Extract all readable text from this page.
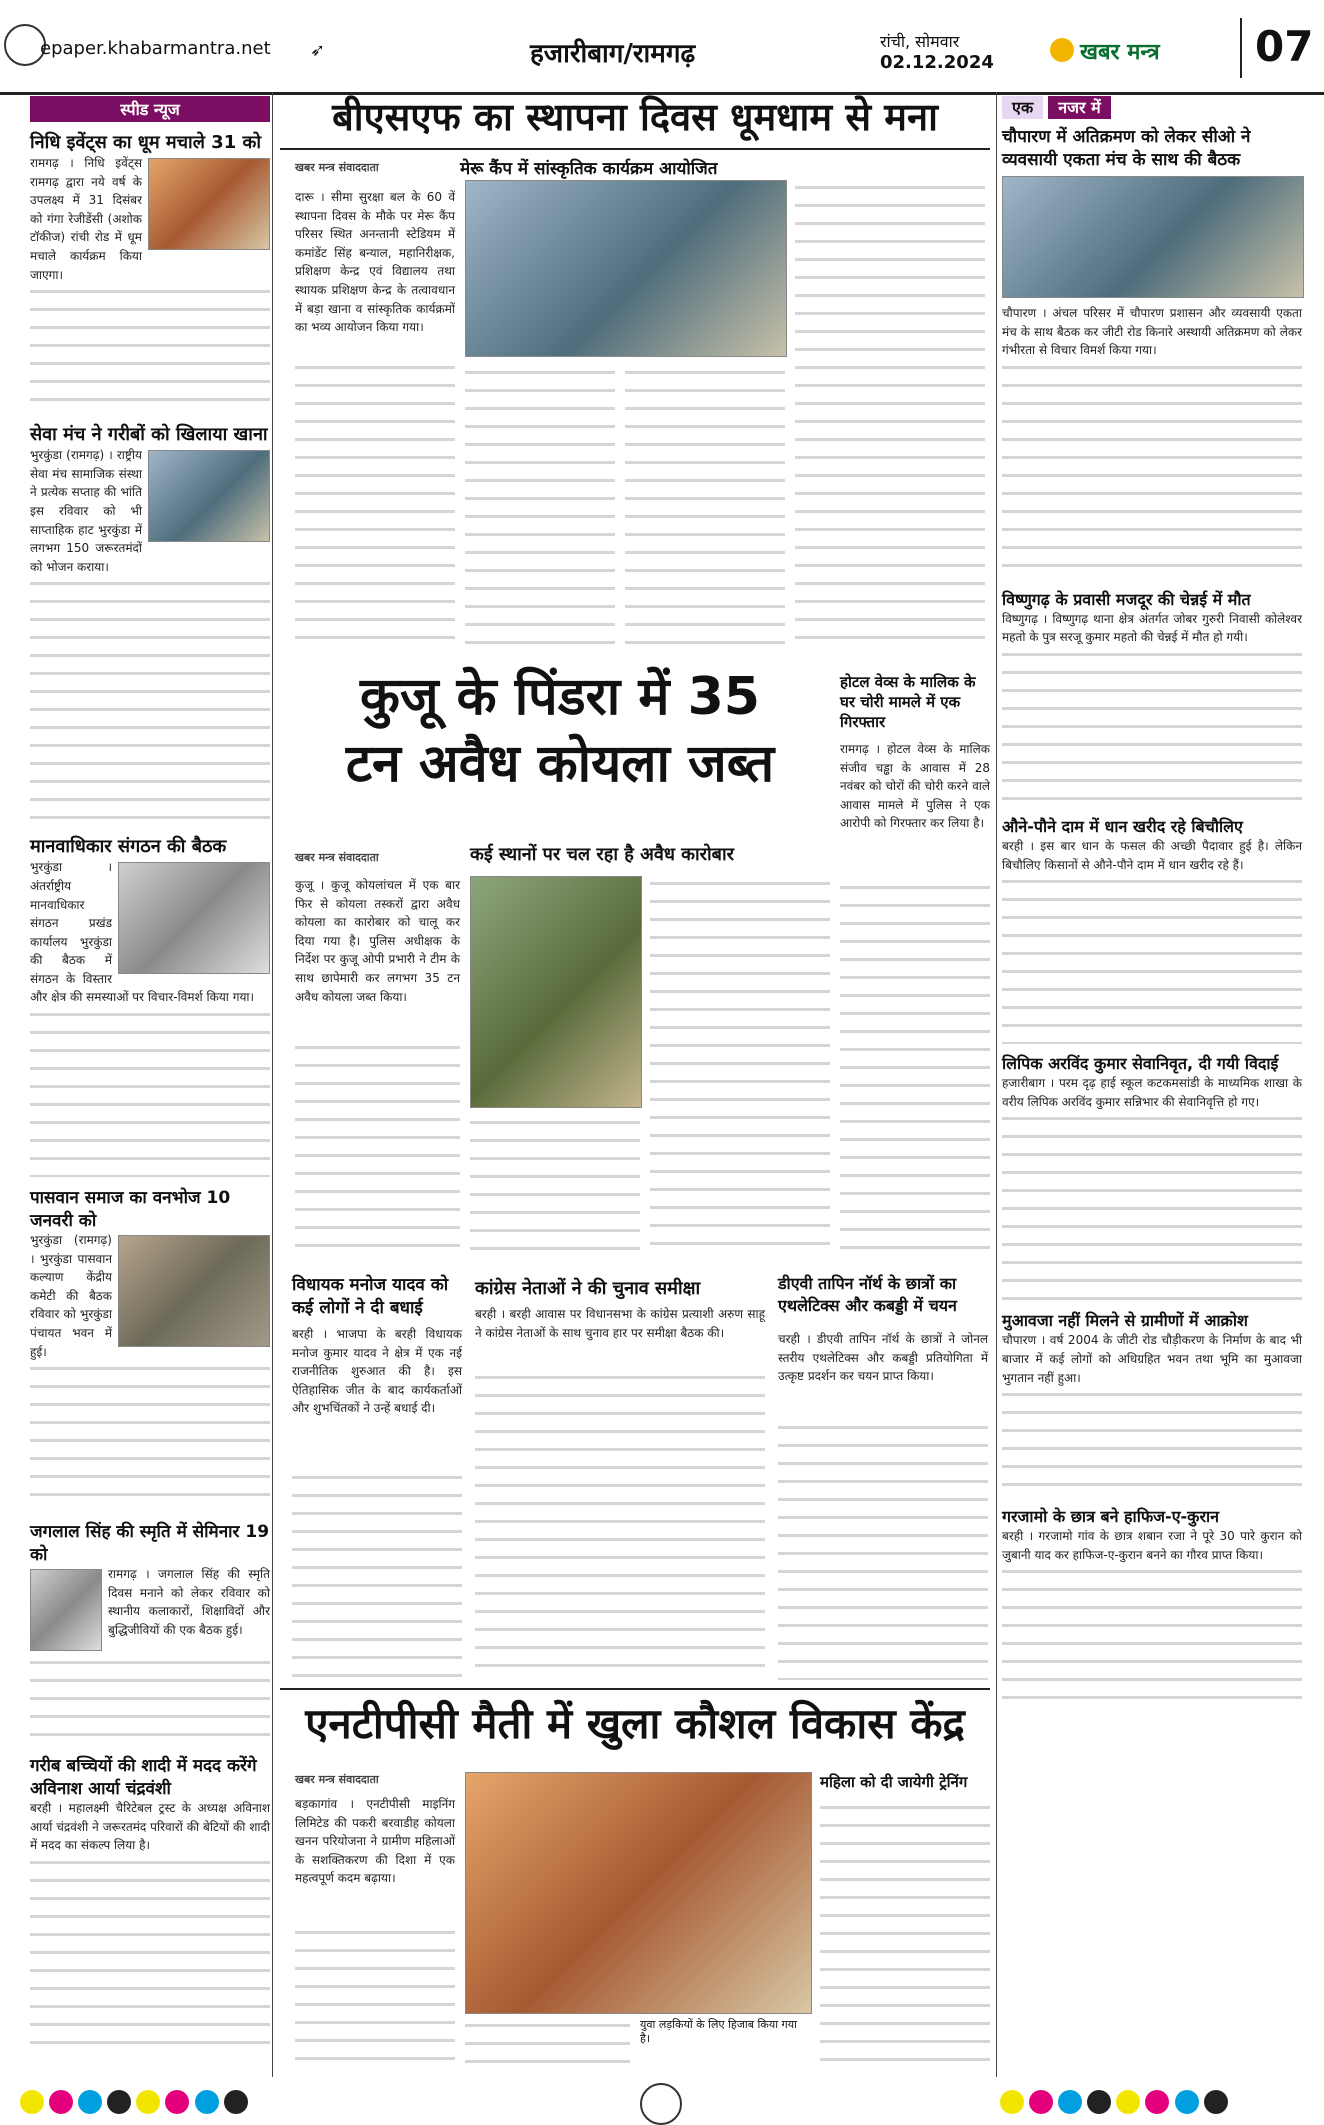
epaper.khabarmantra.net ➶	हजारीबाग/रामगढ़	रांची, सोमवार
02.12.2024	खबर मन्त्र 07
स्पीड न्यूज
निधि इवेंट्स का धूम मचाले 31 को
रामगढ़ । निधि इवेंट्स रामगढ़ द्वारा नये वर्ष के उपलक्ष्य में 31 दिसंबर को गंगा रेजीडेंसी (अशोक टॉकीज) रांची रोड में धूम मचाले कार्यक्रम किया जाएगा।
सेवा मंच ने गरीबों को खिलाया खाना
भुरकुंडा (रामगढ़) । राष्ट्रीय सेवा मंच सामाजिक संस्था ने प्रत्येक सप्ताह की भांति इस रविवार को भी साप्ताहिक हाट भुरकुंडा में लगभग 150 जरूरतमंदों को भोजन कराया।
मानवाधिकार संगठन की बैठक
भुरकुंडा । अंतर्राष्ट्रीय मानवाधिकार संगठन प्रखंड कार्यालय भुरकुंडा की बैठक में संगठन के विस्तार और क्षेत्र की समस्याओं पर विचार-विमर्श किया गया।
पासवान समाज का वनभोज 10 जनवरी को
भुरकुंडा (रामगढ़) । भुरकुंडा पासवान कल्याण केंद्रीय कमेटी की बैठक रविवार को भुरकुंडा पंचायत भवन में हुई।
जगलाल सिंह की स्मृति में सेमिनार 19 को
रामगढ़ । जगलाल सिंह की स्मृति दिवस मनाने को लेकर रविवार को स्थानीय कलाकारों, शिक्षाविदों और बुद्धिजीवियों की एक बैठक हुई।
गरीब बच्चियों की शादी में मदद करेंगे अविनाश आर्या चंद्रवंशी
बरही । महालक्ष्मी चैरिटेबल ट्रस्ट के अध्यक्ष अविनाश आर्या चंद्रवंशी ने जरूरतमंद परिवारों की बेटियों की शादी में मदद का संकल्प लिया है।
बीएसएफ का स्थापना दिवस धूमधाम से मना
खबर मन्त्र संवाददाता	मेरू कैंप में सांस्कृतिक कार्यक्रम आयोजित
दारू । सीमा सुरक्षा बल के 60 वें स्थापना दिवस के मौके पर मेरू कैंप परिसर स्थित अनन्तानी स्टेडियम में कमांडेंट सिंह बन्याल, महानिरीक्षक, प्रशिक्षण केन्द्र एवं विद्यालय तथा स्थायक प्रशिक्षण केन्द्र के तत्वावधान में बड़ा खाना व सांस्कृतिक कार्यक्रमों का भव्य आयोजन किया गया।
कुजू के पिंडरा में 35
टन अवैध कोयला जब्त
खबर मन्त्र संवाददाता	कई स्थानों पर चल रहा है अवैध कारोबार
कुजू । कुजू कोयलांचल में एक बार फिर से कोयला तस्करों द्वारा अवैध कोयला का कारोबार को चालू कर दिया गया है। पुलिस अधीक्षक के निर्देश पर कुजू ओपी प्रभारी ने टीम के साथ छापेमारी कर लगभग 35 टन अवैध कोयला जब्त किया।
होटल वेव्स के मालिक के घर चोरी मामले में एक गिरफ्तार
रामगढ़ । होटल वेव्स के मालिक संजीव चड्ढा के आवास में 28 नवंबर को चोरों की चोरी करने वाले आवास मामले में पुलिस ने एक आरोपी को गिरफ्तार कर लिया है।
विधायक मनोज यादव को कई लोगों ने दी बधाई
बरही । भाजपा के बरही विधायक मनोज कुमार यादव ने क्षेत्र में एक नई राजनीतिक शुरुआत की है। इस ऐतिहासिक जीत के बाद कार्यकर्ताओं और शुभचिंतकों ने उन्हें बधाई दी।
कांग्रेस नेताओं ने की चुनाव समीक्षा
बरही । बरही आवास पर विधानसभा के कांग्रेस प्रत्याशी अरुण साहू ने कांग्रेस नेताओं के साथ चुनाव हार पर समीक्षा बैठक की।
डीएवी तापिन नॉर्थ के छात्रों का एथलेटिक्स और कबड्डी में चयन
चरही । डीएवी तापिन नॉर्थ के छात्रों ने जोनल स्तरीय एथलेटिक्स और कबड्डी प्रतियोगिता में उत्कृष्ट प्रदर्शन कर चयन प्राप्त किया।
एनटीपीसी मैती में खुला कौशल विकास केंद्र
खबर मन्त्र संवाददाता
बड़कागांव । एनटीपीसी माइनिंग लिमिटेड की पकरी बरवाडीह कोयला खनन परियोजना ने ग्रामीण महिलाओं के सशक्तिकरण की दिशा में एक महत्वपूर्ण कदम बढ़ाया।
युवा लड़कियों के लिए हिजाब किया गया है।
महिला को दी जायेगी ट्रेनिंग
एक नजर में
चौपारण में अतिक्रमण को लेकर सीओ ने व्यवसायी एकता मंच के साथ की बैठक
चौपारण । अंचल परिसर में चौपारण प्रशासन और व्यवसायी एकता मंच के साथ बैठक कर जीटी रोड किनारे अस्थायी अतिक्रमण को लेकर गंभीरता से विचार विमर्श किया गया।
विष्णुगढ़ के प्रवासी मजदूर की चेन्नई में मौत
विष्णुगढ़ । विष्णुगढ़ थाना क्षेत्र अंतर्गत जोबर गुरुरी निवासी कोलेश्वर महतो के पुत्र सरजू कुमार महतो की चेन्नई में मौत हो गयी।
औने-पौने दाम में धान खरीद रहे बिचौलिए
बरही । इस बार धान के फसल की अच्छी पैदावार हुई है। लेकिन बिचौलिए किसानों से औने-पौने दाम में धान खरीद रहे हैं।
लिपिक अरविंद कुमार सेवानिवृत, दी गयी विदाई
हजारीबाग । परम दृढ़ हाई स्कूल कटकमसांडी के माध्यमिक शाखा के वरीय लिपिक अरविंद कुमार सन्निभार की सेवानिवृत्ति हो गए।
मुआवजा नहीं मिलने से ग्रामीणों में आक्रोश
चौपारण । वर्ष 2004 के जीटी रोड चौड़ीकरण के निर्माण के बाद भी बाजार में कई लोगों को अधिग्रहित भवन तथा भूमि का मुआवजा भुगतान नहीं हुआ।
गरजामो के छात्र बने हाफिज-ए-कुरान
बरही । गरजामो गांव के छात्र शबान रजा ने पूरे 30 पारे कुरान को जुबानी याद कर हाफिज-ए-कुरान बनने का गौरव प्राप्त किया।
